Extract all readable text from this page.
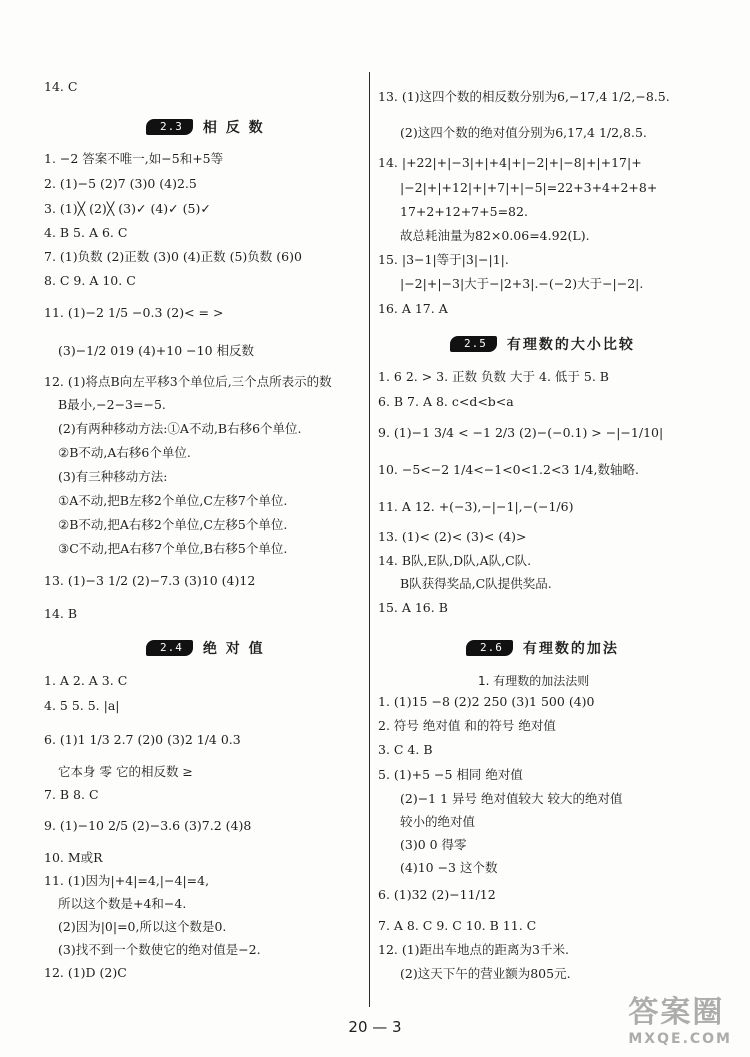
14. C
2.3	相 反 数
1. −2 答案不唯一,如−5和+5等
2. (1)−5 (2)7 (3)0 (4)2.5
3. (1)╳ (2)╳ (3)✓ (4)✓ (5)✓
4. B 5. A 6. C
7. (1)负数 (2)正数 (3)0 (4)正数 (5)负数 (6)0
8. C 9. A 10. C
11. (1)−2 1/5 −0.3 (2)< = >
(3)−1/2 019 (4)+10 −10 相反数
12. (1)将点B向左平移3个单位后,三个点所表示的数
B最小,−2−3=−5.
(2)有两种移动方法:①A不动,B右移6个单位.
②B不动,A右移6个单位.
(3)有三种移动方法:
①A不动,把B左移2个单位,C左移7个单位.
②B不动,把A右移2个单位,C左移5个单位.
③C不动,把A右移7个单位,B右移5个单位.
13. (1)−3 1/2 (2)−7.3 (3)10 (4)12
14. B
2.4	绝 对 值
1. A 2. A 3. C
4. 5 5. 5. |a|
6. (1)1 1/3 2.7 (2)0 (3)2 1/4 0.3
它本身 零 它的相反数 ≥
7. B 8. C
9. (1)−10 2/5 (2)−3.6 (3)7.2 (4)8
10. M或R
11. (1)因为|+4|=4,|−4|=4,
所以这个数是+4和−4.
(2)因为|0|=0,所以这个数是0.
(3)找不到一个数使它的绝对值是−2.
12. (1)D (2)C
13. (1)这四个数的相反数分别为6,−17,4 1/2,−8.5.
(2)这四个数的绝对值分别为6,17,4 1/2,8.5.
14. |+22|+|−3|+|+4|+|−2|+|−8|+|+17|+
|−2|+|+12|+|+7|+|−5|=22+3+4+2+8+
17+2+12+7+5=82.
故总耗油量为82×0.06=4.92(L).
15. |3−1|等于|3|−|1|.
|−2|+|−3|大于−|2+3|.−(−2)大于−|−2|.
16. A 17. A
2.5	有理数的大小比较
1. 6 2. > 3. 正数 负数 大于 4. 低于 5. B
6. B 7. A 8. c<d<b<a
9. (1)−1 3/4 < −1 2/3 (2)−(−0.1) > −|−1/10|
10. −5<−2 1/4<−1<0<1.2<3 1/4,数轴略.
11. A 12. +(−3),−|−1|,−(−1/6)
13. (1)< (2)< (3)< (4)>
14. B队,E队,D队,A队,C队.
B队获得奖品,C队提供奖品.
15. A 16. B
2.6	有理数的加法
1. 有理数的加法法则
1. (1)15 −8 (2)2 250 (3)1 500 (4)0
2. 符号 绝对值 和的符号 绝对值
3. C 4. B
5. (1)+5 −5 相同 绝对值
(2)−1 1 异号 绝对值较大 较大的绝对值
较小的绝对值
(3)0 0 得零
(4)10 −3 这个数
6. (1)32 (2)−11/12
7. A 8. C 9. C 10. B 11. C
12. (1)距出车地点的距离为3千米.
(2)这天下午的营业额为805元.
20 — 3	答案圈
MXQE.COM
